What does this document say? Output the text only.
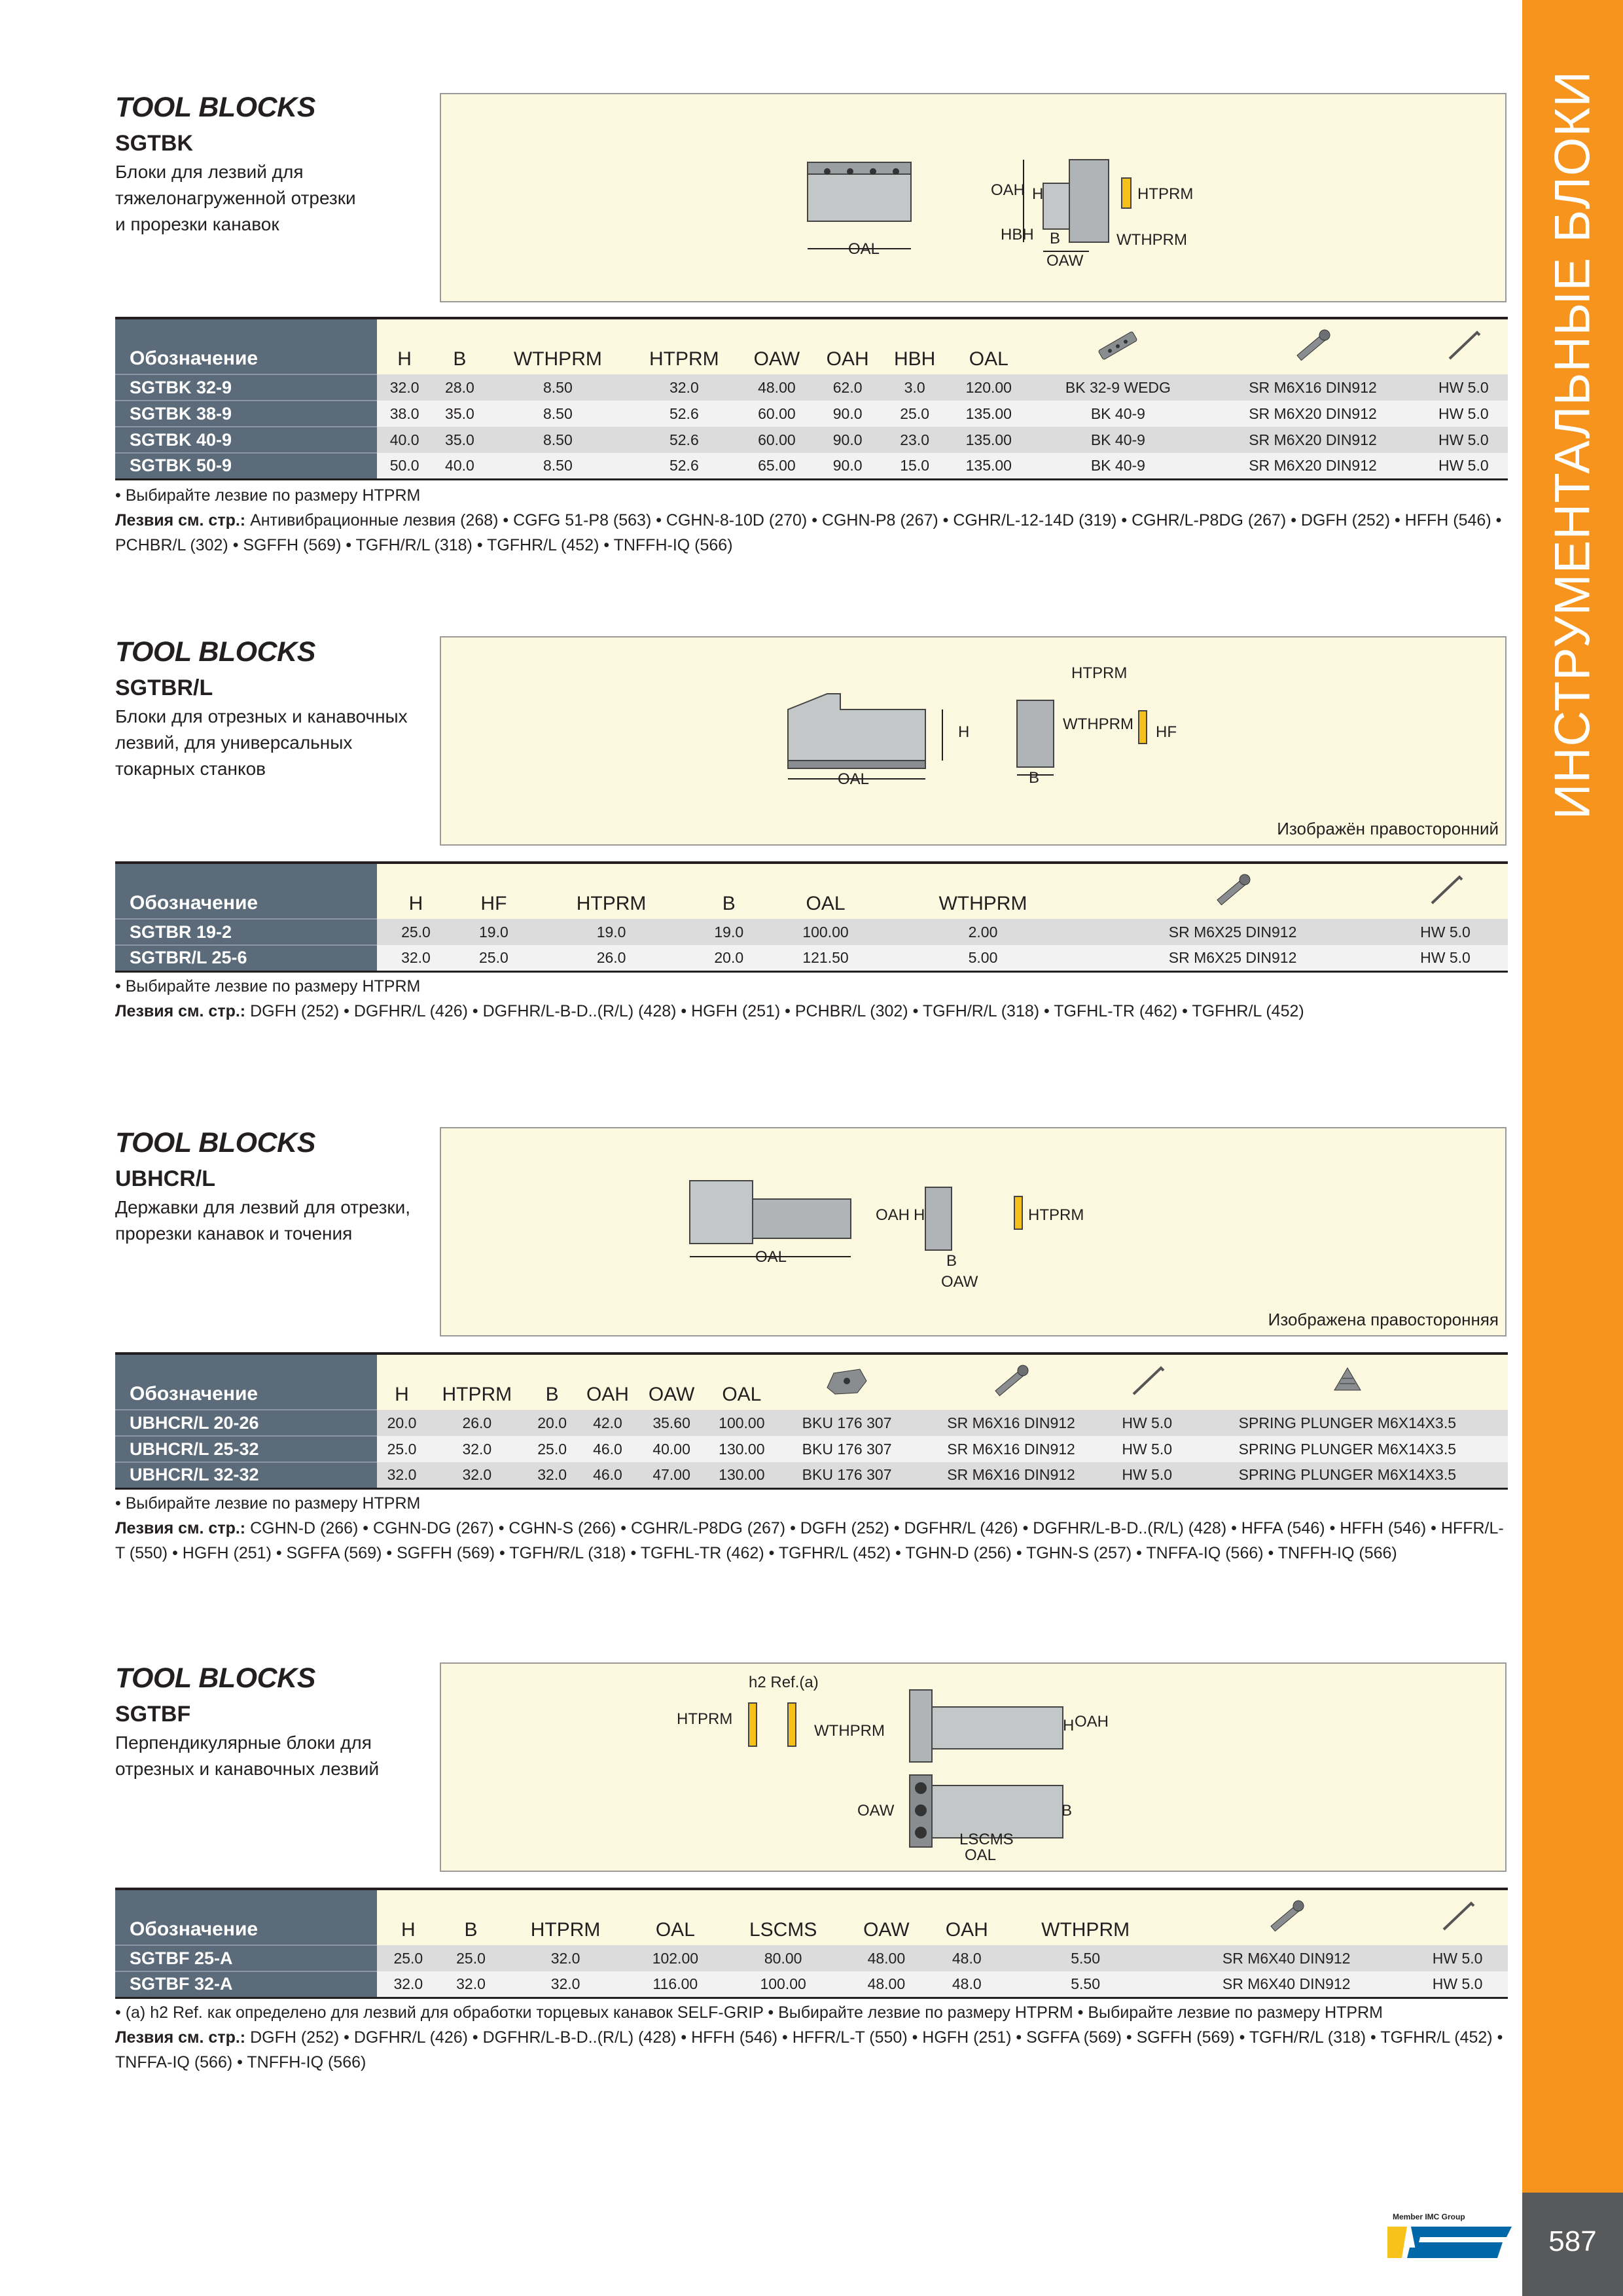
ИНСТРУМЕНТАЛЬНЫЕ БЛОКИ
587
Member IMC Group
TOOL BLOCKS
SGTBK
Блоки для лезвий для
тяжелонагруженной отрезки
и прорезки канавок
OAL
OAH H
HBH B
OAW
HTPRM
WTHPRM
Обозначение	H	B	WTHPRM	HTPRM	OAW	OAH	HBH	OAL			
SGTBK 32-9	32.0	28.0	8.50	32.0	48.00	62.0	3.0	120.00	BK 32-9 WEDG	SR M6X16 DIN912	HW 5.0
SGTBK 38-9	38.0	35.0	8.50	52.6	60.00	90.0	25.0	135.00	BK 40-9	SR M6X20 DIN912	HW 5.0
SGTBK 40-9	40.0	35.0	8.50	52.6	60.00	90.0	23.0	135.00	BK 40-9	SR M6X20 DIN912	HW 5.0
SGTBK 50-9	50.0	40.0	8.50	52.6	65.00	90.0	15.0	135.00	BK 40-9	SR M6X20 DIN912	HW 5.0
• Выбирайте лезвие по размеру HTPRM
Лезвия см. стр.: Антивибрационные лезвия (268) • CGFG 51-P8 (563) • CGHN-8-10D (270) • CGHN-P8 (267) • CGHR/L-12-14D (319) • CGHR/L-P8DG (267) • DGFH (252) • HFFH (546) • PCHBR/L (302) • SGFFH (569) • TGFH/R/L (318) • TGFHR/L (452) • TNFFH-IQ (566)
TOOL BLOCKS
SGTBR/L
Блоки для отрезных и канавочных
лезвий, для универсальных
токарных станков
OAL
H
HTPRM
WTHPRM HF
B
Изображён правосторонний
Обозначение	H	HF	HTPRM	B	OAL	WTHPRM		
SGTBR 19-2	25.0	19.0	19.0	19.0	100.00	2.00	SR M6X25 DIN912	HW 5.0
SGTBR/L 25-6	32.0	25.0	26.0	20.0	121.50	5.00	SR M6X25 DIN912	HW 5.0
• Выбирайте лезвие по размеру HTPRM
Лезвия см. стр.: DGFH (252) • DGFHR/L (426) • DGFHR/L-B-D..(R/L) (428) • HGFH (251) • PCHBR/L (302) • TGFH/R/L (318) • TGFHL-TR (462) • TGFHR/L (452)
TOOL BLOCKS
UBHCR/L
Державки для лезвий для отрезки,
прорезки канавок и точения
OAL
OAH H	HTPRM
B
OAW
Изображена правосторонняя
Обозначение	H	HTPRM	B	OAH	OAW	OAL				
UBHCR/L 20-26	20.0	26.0	20.0	42.0	35.60	100.00	BKU 176 307	SR M6X16 DIN912	HW 5.0	SPRING PLUNGER M6X14X3.5
UBHCR/L 25-32	25.0	32.0	25.0	46.0	40.00	130.00	BKU 176 307	SR M6X16 DIN912	HW 5.0	SPRING PLUNGER M6X14X3.5
UBHCR/L 32-32	32.0	32.0	32.0	46.0	47.00	130.00	BKU 176 307	SR M6X16 DIN912	HW 5.0	SPRING PLUNGER M6X14X3.5
• Выбирайте лезвие по размеру HTPRM
Лезвия см. стр.: CGHN-D (266) • CGHN-DG (267) • CGHN-S (266) • CGHR/L-P8DG (267) • DGFH (252) • DGFHR/L (426) • DGFHR/L-B-D..(R/L) (428) • HFFA (546) • HFFH (546) • HFFR/L-T (550) • HGFH (251) • SGFFA (569) • SGFFH (569) • TGFH/R/L (318) • TGFHL-TR (462) • TGFHR/L (452) • TGHN-D (256) • TGHN-S (257) • TNFFA-IQ (566) • TNFFH-IQ (566)
TOOL BLOCKS
SGTBF
Перпендикулярные блоки для
отрезных и канавочных лезвий
h2 Ref.(a)
HTPRM
WTHPRM	H OAH
OAW	B
LSCMS
OAL
Обозначение	H	B	HTPRM	OAL	LSCMS	OAW	OAH	WTHPRM		
SGTBF 25-A	25.0	25.0	32.0	102.00	80.00	48.00	48.0	5.50	SR M6X40 DIN912	HW 5.0
SGTBF 32-A	32.0	32.0	32.0	116.00	100.00	48.00	48.0	5.50	SR M6X40 DIN912	HW 5.0
• (a) h2 Ref. как определено для лезвий для обработки торцевых канавок SELF-GRIP • Выбирайте лезвие по размеру HTPRM • Выбирайте лезвие по размеру HTPRM
Лезвия см. стр.: DGFH (252) • DGFHR/L (426) • DGFHR/L-B-D..(R/L) (428) • HFFH (546) • HFFR/L-T (550) • HGFH (251) • SGFFA (569) • SGFFH (569) • TGFH/R/L (318) • TGFHR/L (452) • TNFFA-IQ (566) • TNFFH-IQ (566)
